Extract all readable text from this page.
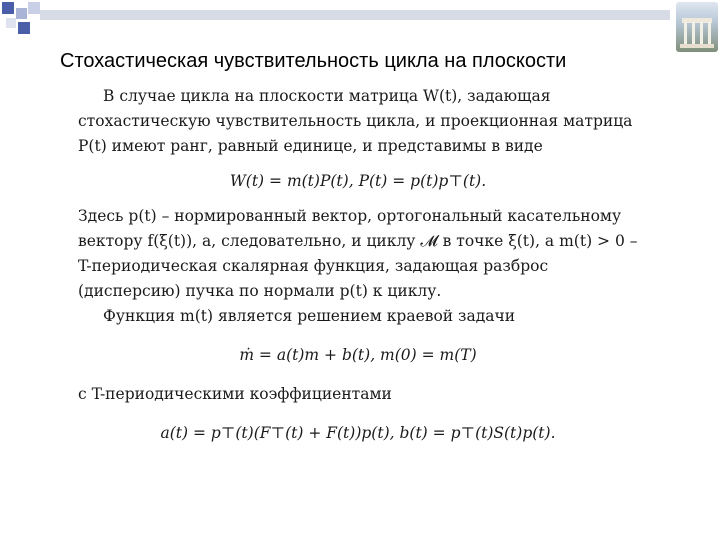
Стохастическая чувствительность цикла на плоскости

В случае цикла на плоскости матрица W(t), задающая стохастическую чувствительность цикла, и проекционная матрица P(t) имеют ранг, равный единице, и представимы в виде

W(t) = m(t)P(t), P(t) = p(t)p⊤(t).

Здесь p(t) – нормированный вектор, ортогональный касательному вектору f(ξ(t)), а, следовательно, и циклу 𝓜 в точке ξ(t), а m(t) > 0 – T-периодическая скалярная функция, задающая разброс (дисперсию) пучка по нормали p(t) к циклу.

Функция m(t) является решением краевой задачи

ṁ = a(t)m + b(t), m(0) = m(T)

с T-периодическими коэффициентами

a(t) = p⊤(t)(F⊤(t) + F(t))p(t), b(t) = p⊤(t)S(t)p(t).
